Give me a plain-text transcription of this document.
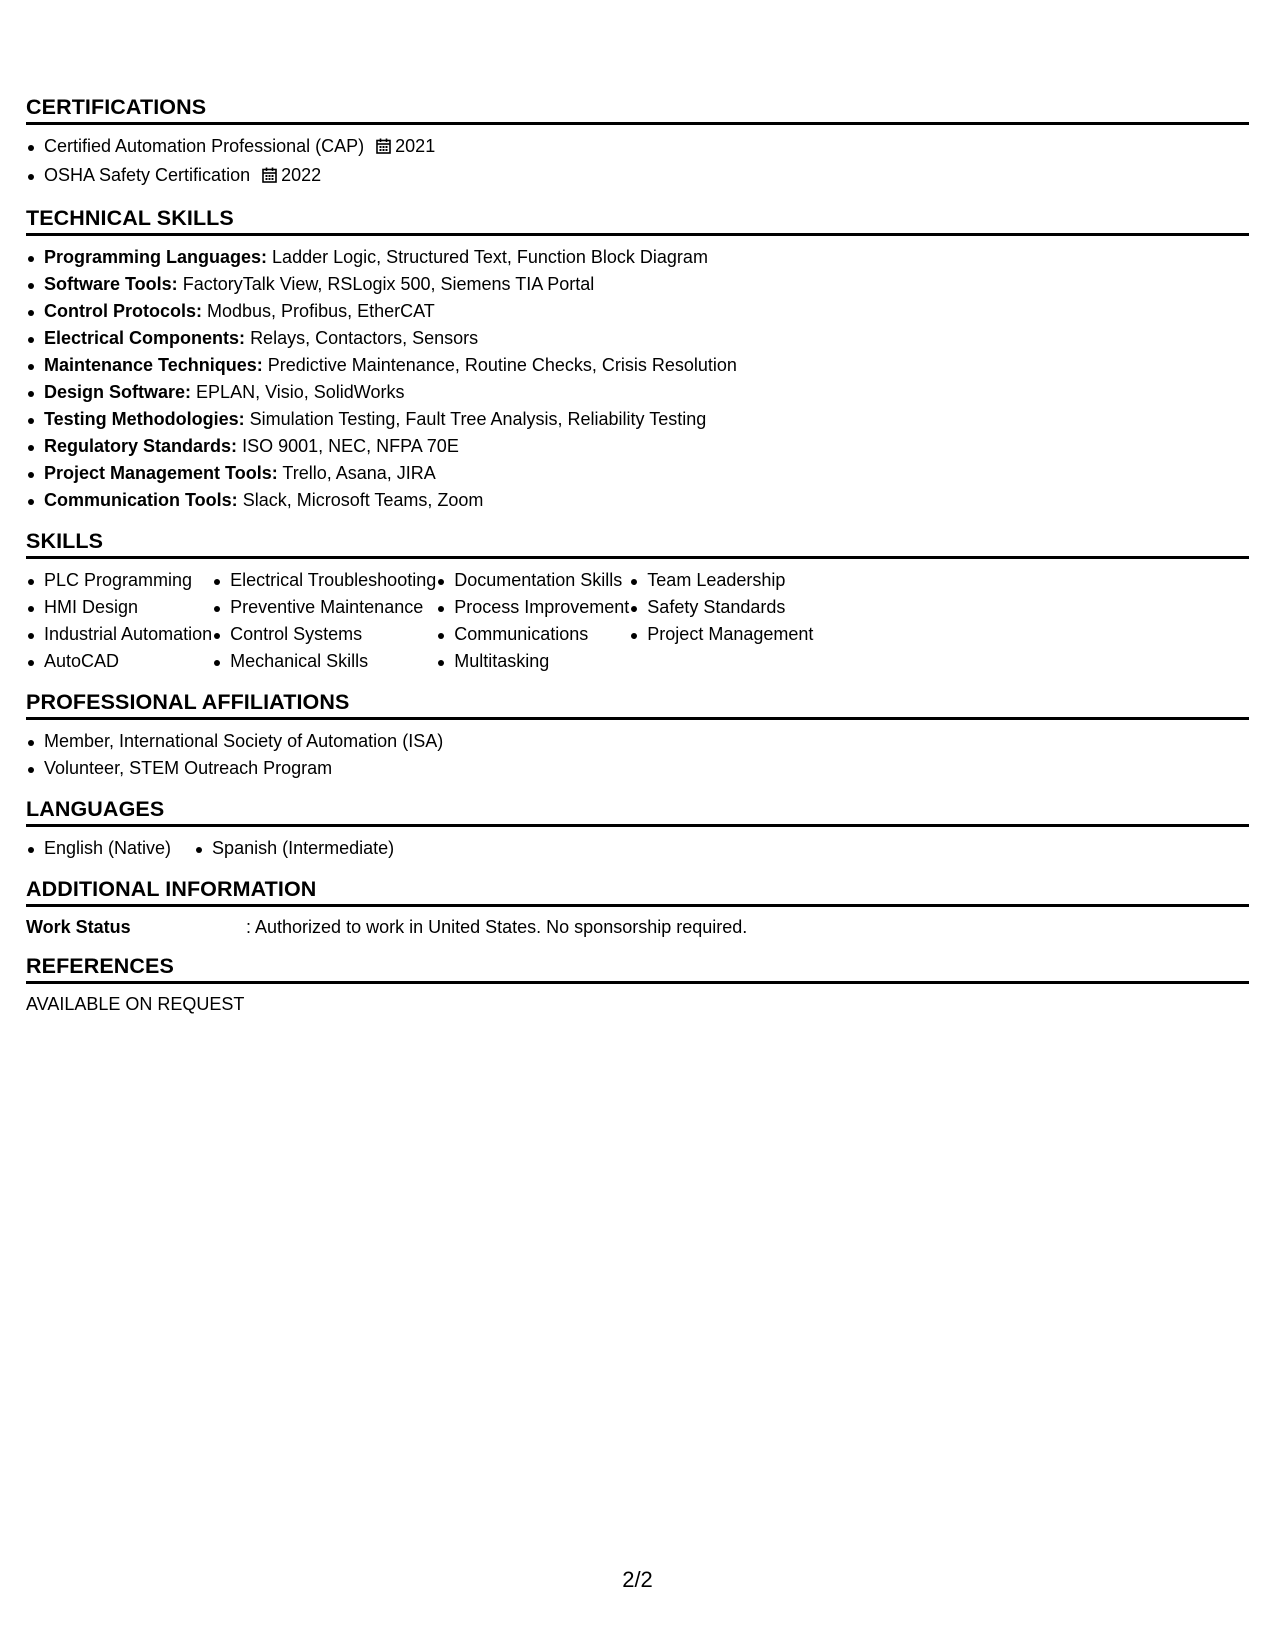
CERTIFICATIONS
Certified Automation Professional (CAP) 2021
OSHA Safety Certification 2022
TECHNICAL SKILLS
Programming Languages: Ladder Logic, Structured Text, Function Block Diagram
Software Tools: FactoryTalk View, RSLogix 500, Siemens TIA Portal
Control Protocols: Modbus, Profibus, EtherCAT
Electrical Components: Relays, Contactors, Sensors
Maintenance Techniques: Predictive Maintenance, Routine Checks, Crisis Resolution
Design Software: EPLAN, Visio, SolidWorks
Testing Methodologies: Simulation Testing, Fault Tree Analysis, Reliability Testing
Regulatory Standards: ISO 9001, NEC, NFPA 70E
Project Management Tools: Trello, Asana, JIRA
Communication Tools: Slack, Microsoft Teams, Zoom
SKILLS
PLC Programming
HMI Design
Industrial Automation
AutoCAD
Electrical Troubleshooting
Preventive Maintenance
Control Systems
Mechanical Skills
Documentation Skills
Process Improvement
Communications
Multitasking
Team Leadership
Safety Standards
Project Management
PROFESSIONAL AFFILIATIONS
Member, International Society of Automation (ISA)
Volunteer, STEM Outreach Program
LANGUAGES
English (Native)	Spanish (Intermediate)
ADDITIONAL INFORMATION
Work Status	: Authorized to work in United States. No sponsorship required.
REFERENCES
AVAILABLE ON REQUEST
2/2
